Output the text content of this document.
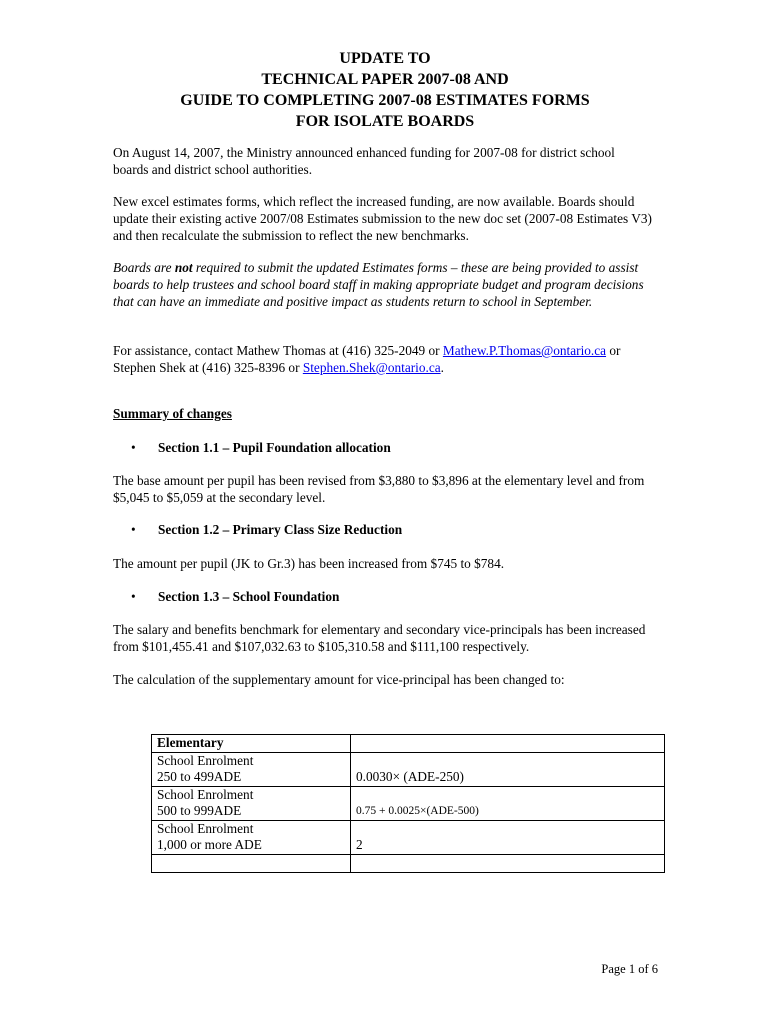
UPDATE TO
TECHNICAL PAPER 2007-08 AND
GUIDE TO COMPLETING 2007-08 ESTIMATES FORMS
FOR ISOLATE BOARDS

On August 14, 2007, the Ministry announced enhanced funding for 2007-08 for district school boards and district school authorities.

New excel estimates forms, which reflect the increased funding, are now available. Boards should update their existing active 2007/08 Estimates submission to the new doc set (2007-08 Estimates V3) and then recalculate the submission to reflect the new benchmarks.

Boards are not required to submit the updated Estimates forms – these are being provided to assist boards to help trustees and school board staff in making appropriate budget and program decisions that can have an immediate and positive impact as students return to school in September.

For assistance, contact Mathew Thomas at (416) 325-2049 or Mathew.P.Thomas@ontario.ca or Stephen Shek at (416) 325-8396 or Stephen.Shek@ontario.ca.

Summary of changes
• Section 1.1 – Pupil Foundation allocation
The base amount per pupil has been revised from $3,880 to $3,896 at the elementary level and from $5,045 to $5,059 at the secondary level.
• Section 1.2 – Primary Class Size Reduction
The amount per pupil (JK to Gr.3) has been increased from $745 to $784.
• Section 1.3 – School Foundation
The salary and benefits benchmark for elementary and secondary vice-principals has been increased from $101,455.41 and $107,032.63 to $105,310.58 and $111,100 respectively.
The calculation of the supplementary amount for vice-principal has been changed to:
Elementary	

School Enrolment
250 to 499ADE	0.0030× (ADE-250)

School Enrolment
500 to 999ADE	0.75 + 0.0025×(ADE-500)

School Enrolment
1,000 or more ADE	2

Page 1 of 6
